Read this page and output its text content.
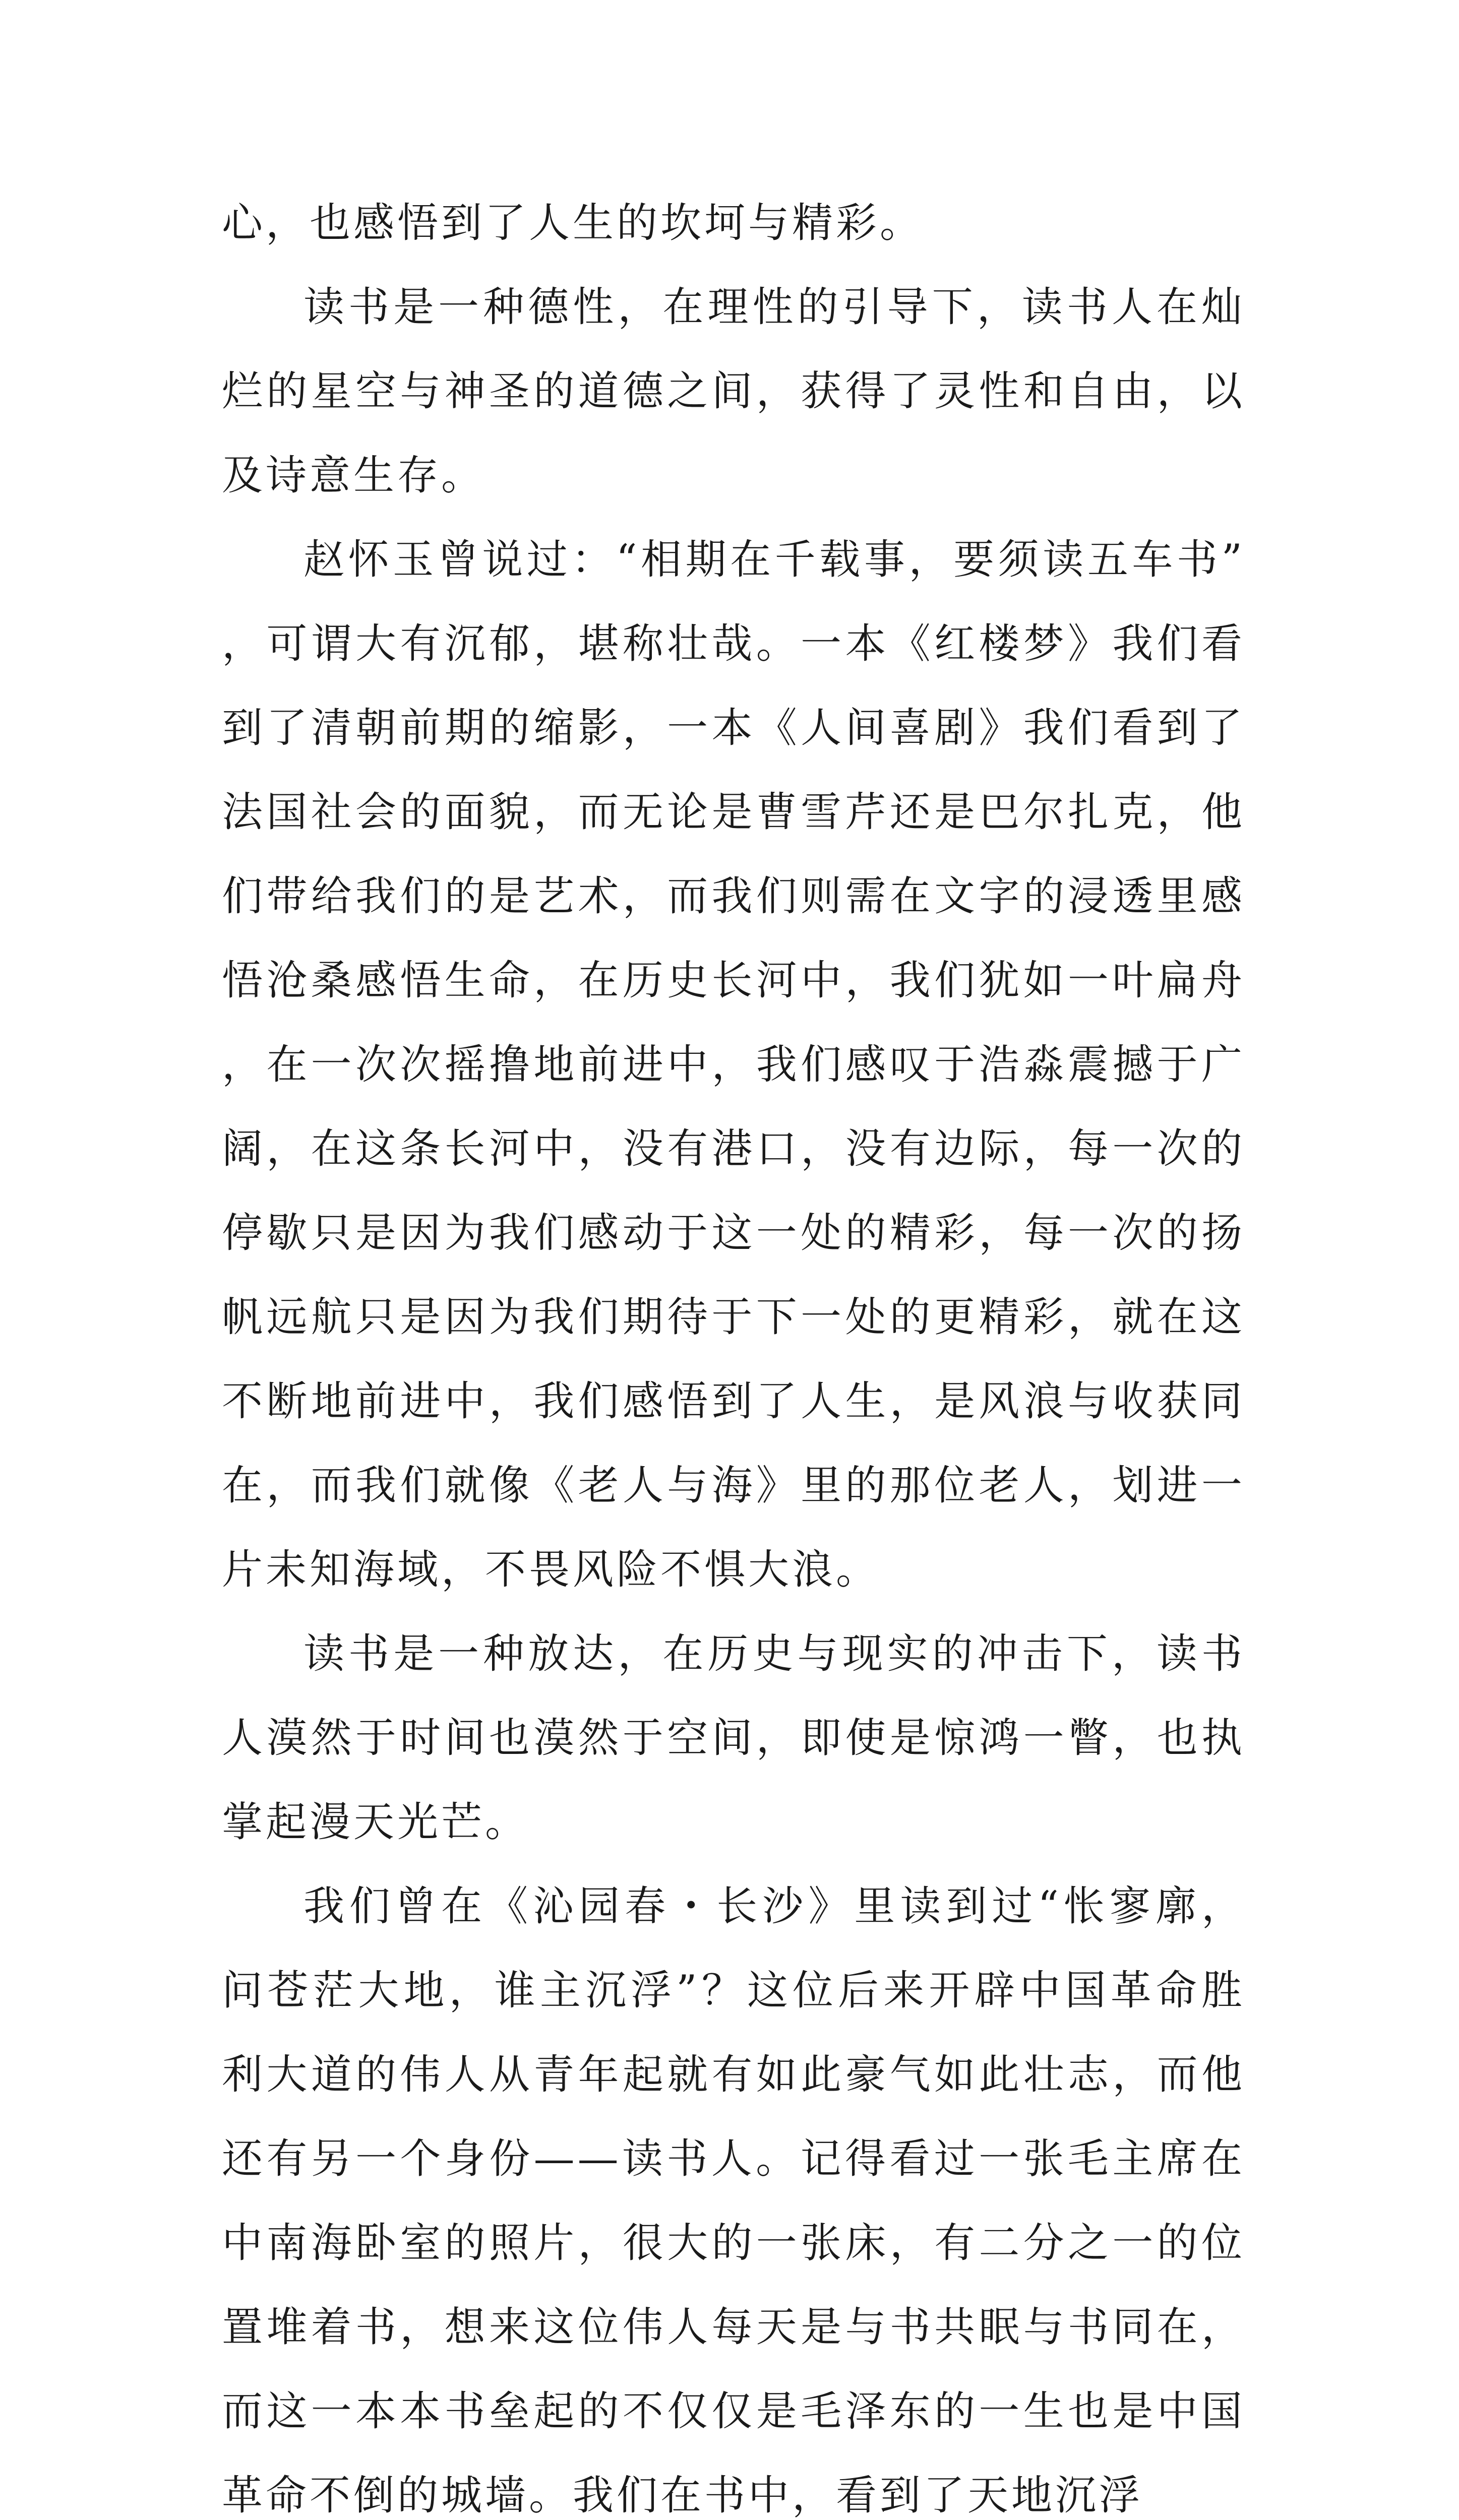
心，也感悟到了人生的坎坷与精彩。

读书是一种德性，在理性的引导下，读书人在灿烂的星空与神圣的道德之间，获得了灵性和自由，以及诗意生存。

赵怀玉曾说过：“相期在千载事，要须读五车书”，可谓大有沉郁，堪称壮哉。一本《红楼梦》我们看到了清朝前期的缩影，一本《人间喜剧》我们看到了法国社会的面貌，而无论是曹雪芹还是巴尔扎克，他们带给我们的是艺术，而我们则需在文字的浸透里感悟沧桑感悟生命，在历史长河中，我们犹如一叶扁舟，在一次次摇撸地前进中，我们感叹于浩淼震撼于广阔，在这条长河中，没有港口，没有边际，每一次的停歇只是因为我们感动于这一处的精彩，每一次的扬帆远航只是因为我们期待于下一处的更精彩，就在这不断地前进中，我们感悟到了人生，是风浪与收获同在，而我们就像《老人与海》里的那位老人，划进一片未知海域，不畏风险不惧大浪。

读书是一种放达，在历史与现实的冲击下，读书人漠然于时间也漠然于空间，即使是惊鸿一瞥，也执掌起漫天光芒。

我们曾在《沁园春・长沙》里读到过“怅寥廓，问苍茫大地，谁主沉浮”？这位后来开辟中国革命胜利大道的伟人从青年起就有如此豪气如此壮志，而他还有另一个身份——读书人。记得看过一张毛主席在中南海卧室的照片，很大的一张床，有二分之一的位置堆着书，想来这位伟人每天是与书共眠与书同在，而这一本本书垒起的不仅仅是毛泽东的一生也是中国革命不倒的城墙。我们在书中，看到了天地沉浮
